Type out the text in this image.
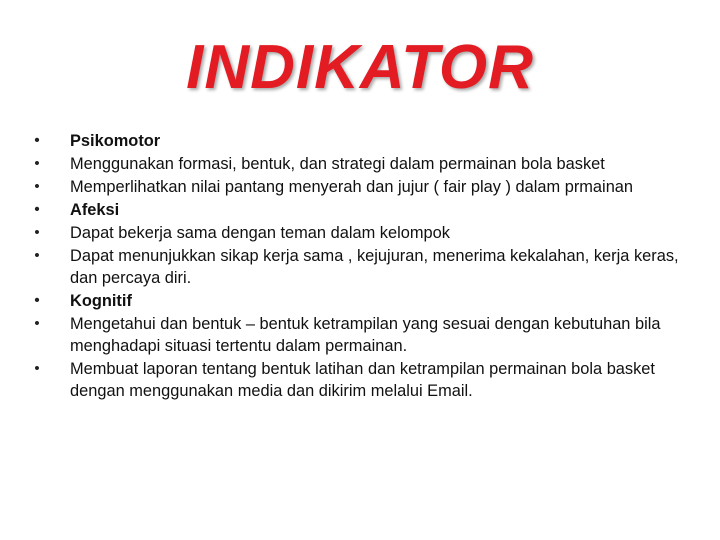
INDIKATOR
• Psikomotor
• Menggunakan formasi, bentuk, dan strategi dalam permainan bola basket
• Memperlihatkan nilai pantang menyerah dan jujur ( fair play ) dalam prmainan
• Afeksi
• Dapat bekerja sama dengan teman dalam kelompok
• Dapat menunjukkan sikap kerja sama , kejujuran, menerima kekalahan, kerja keras, dan percaya diri.
• Kognitif
• Mengetahui dan bentuk – bentuk ketrampilan yang sesuai dengan kebutuhan bila menghadapi situasi tertentu dalam permainan.
• Membuat laporan tentang bentuk latihan dan ketrampilan permainan bola basket dengan menggunakan media dan dikirim melalui Email.
